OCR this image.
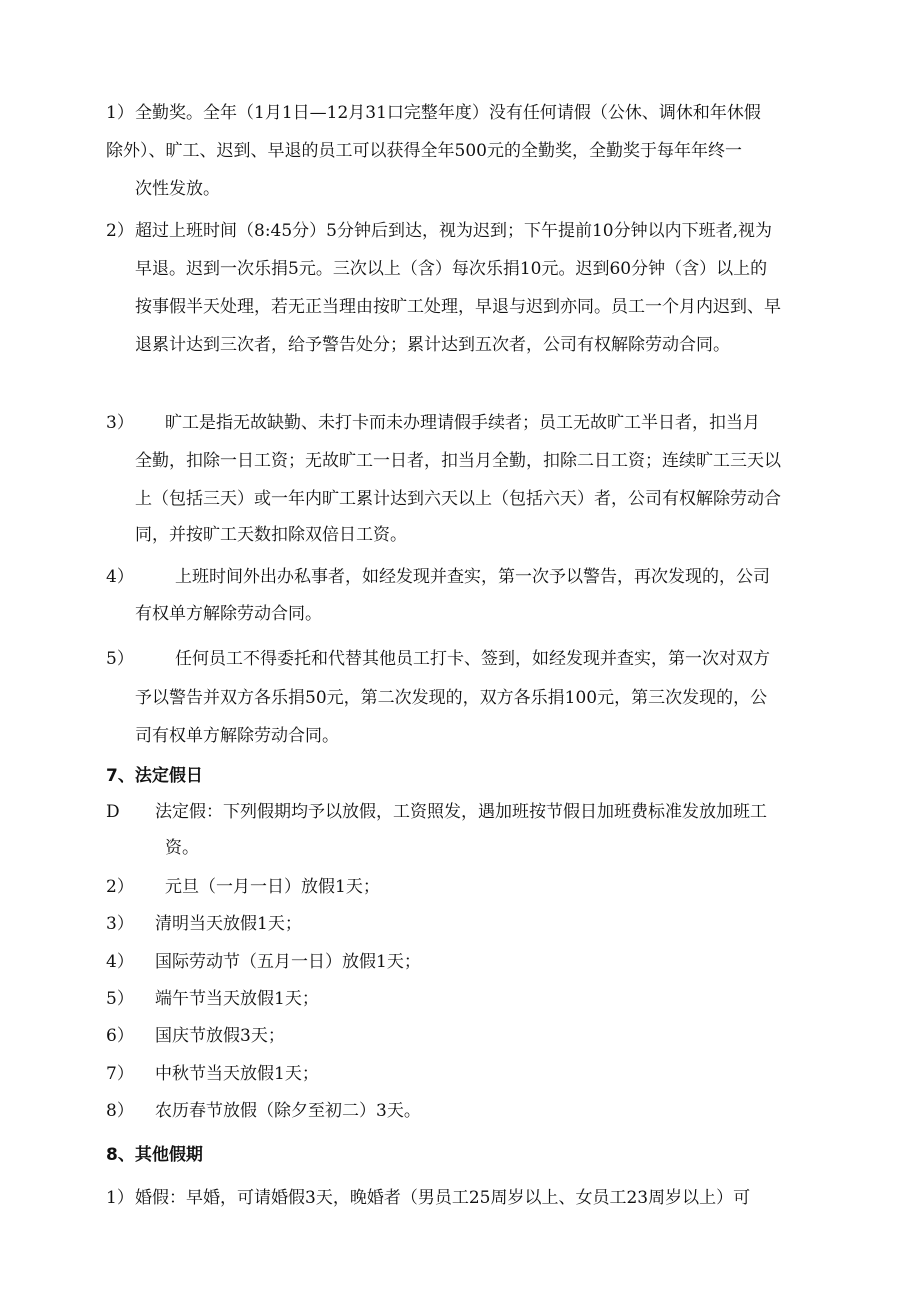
1） 全勤奖。全年（1月1日—12月31口完整年度）没有任何请假（公休、调休和年休假
除外）、旷工、迟到、早退的员工可以获得全年500元的全勤奖，全勤奖于每年年终一
次性发放。
2） 超过上班时间（8:45分）5分钟后到达，视为迟到；下午提前10分钟以内下班者,视为
早退。迟到一次乐捐5元。三次以上（含）每次乐捐10元。迟到60分钟（含）以上的
按事假半天处理，若无正当理由按旷工处理，早退与迟到亦同。员工一个月内迟到、早
退累计达到三次者，给予警告处分；累计达到五次者，公司有权解除劳动合同。
3） 旷工是指无故缺勤、未打卡而未办理请假手续者；员工无故旷工半日者，扣当月
全勤，扣除一日工资；无故旷工一日者，扣当月全勤，扣除二日工资；连续旷工三天以
上（包括三天）或一年内旷工累计达到六天以上（包括六天）者，公司有权解除劳动合
同，并按旷工天数扣除双倍日工资。
4） 上班时间外出办私事者，如经发现并查实，第一次予以警告，再次发现的，公司
有权单方解除劳动合同。
5） 任何员工不得委托和代替其他员工打卡、签到，如经发现并查实，第一次对双方
予以警告并双方各乐捐50元，第二次发现的，双方各乐捐100元，第三次发现的，公
司有权单方解除劳动合同。
7、法定假日
D 法定假：下列假期均予以放假，工资照发，遇加班按节假日加班费标准发放加班工
资。
2） 元旦（一月一日）放假1天；
3） 清明当天放假1天；
4） 国际劳动节（五月一日）放假1天；
5） 端午节当天放假1天；
6） 国庆节放假3天；
7） 中秋节当天放假1天；
8） 农历春节放假（除夕至初二）3天。
8、其他假期
1） 婚假：早婚，可请婚假3天，晚婚者（男员工25周岁以上、女员工23周岁以上）可
